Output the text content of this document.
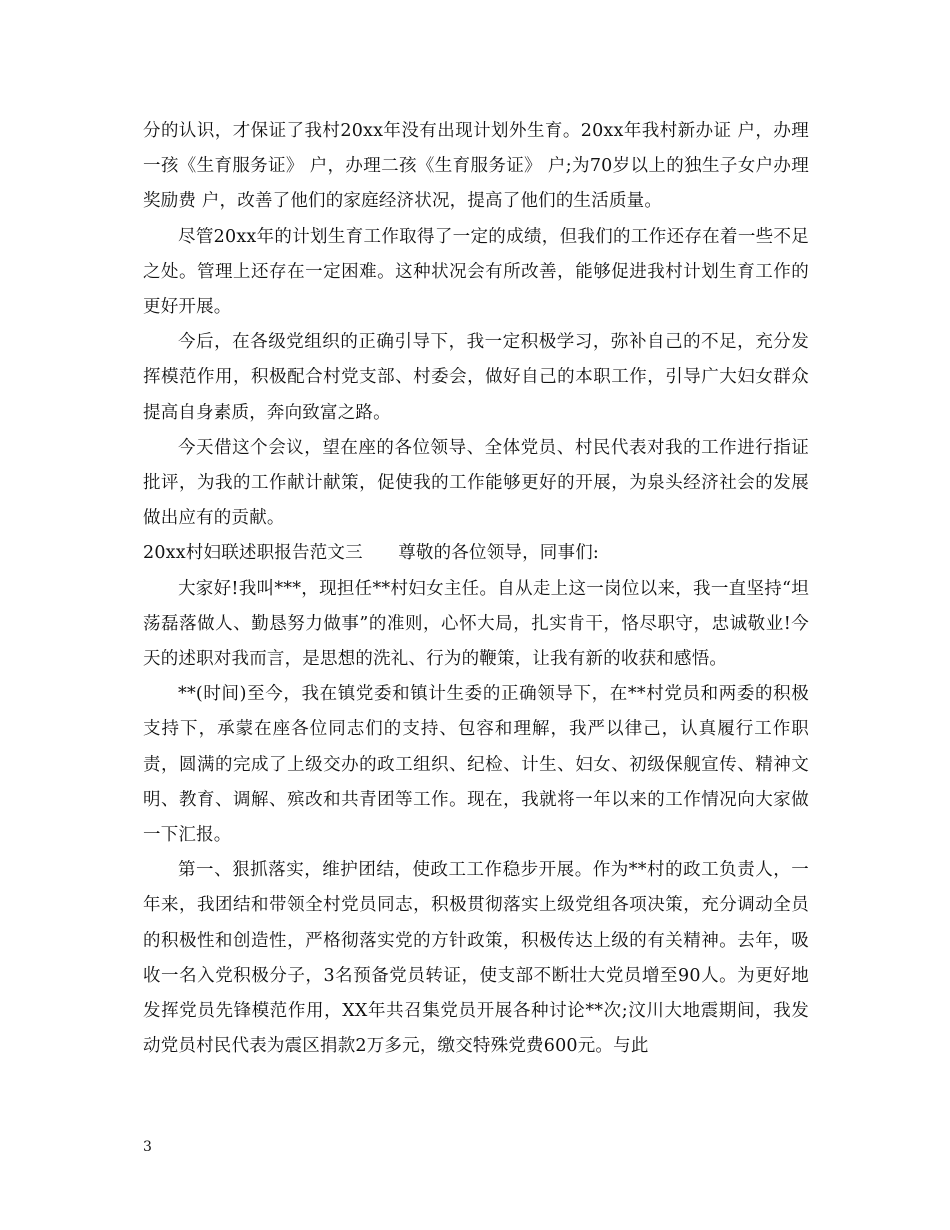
分的认识，才保证了我村20xx年没有出现计划外生育。20xx年我村新办证 户，办理一孩《生育服务证》 户，办理二孩《生育服务证》 户;为70岁以上的独生子女户办理奖励费 户，改善了他们的家庭经济状况，提高了他们的生活质量。

尽管20xx年的计划生育工作取得了一定的成绩，但我们的工作还存在着一些不足之处。管理上还存在一定困难。这种状况会有所改善，能够促进我村计划生育工作的更好开展。

今后，在各级党组织的正确引导下，我一定积极学习，弥补自己的不足，充分发挥模范作用，积极配合村党支部、村委会，做好自己的本职工作，引导广大妇女群众提高自身素质，奔向致富之路。

今天借这个会议，望在座的各位领导、全体党员、村民代表对我的工作进行指证批评，为我的工作献计献策，促使我的工作能够更好的开展，为泉头经济社会的发展做出应有的贡献。

20xx村妇联述职报告范文三　　尊敬的各位领导，同事们:

大家好!我叫***，现担任**村妇女主任。自从走上这一岗位以来，我一直坚持“坦荡磊落做人、勤恳努力做事”的准则，心怀大局，扎实肯干，恪尽职守，忠诚敬业!今天的述职对我而言，是思想的洗礼、行为的鞭策，让我有新的收获和感悟。

**(时间)至今，我在镇党委和镇计生委的正确领导下，在**村党员和两委的积极支持下，承蒙在座各位同志们的支持、包容和理解，我严以律己，认真履行工作职责，圆满的完成了上级交办的政工组织、纪检、计生、妇女、初级保舰宣传、精神文明、教育、调解、殡改和共青团等工作。现在，我就将一年以来的工作情况向大家做一下汇报。

第一、狠抓落实，维护团结，使政工工作稳步开展。作为**村的政工负责人，一年来，我团结和带领全村党员同志，积极贯彻落实上级党组各项决策，充分调动全员的积极性和创造性，严格彻落实党的方针政策，积极传达上级的有关精神。去年，吸收一名入党积极分子，3名预备党员转证，使支部不断壮大党员增至90人。为更好地发挥党员先锋模范作用，XX年共召集党员开展各种讨论**次;汶川大地震期间，我发动党员村民代表为震区捐款2万多元，缴交特殊党费600元。与此

3
